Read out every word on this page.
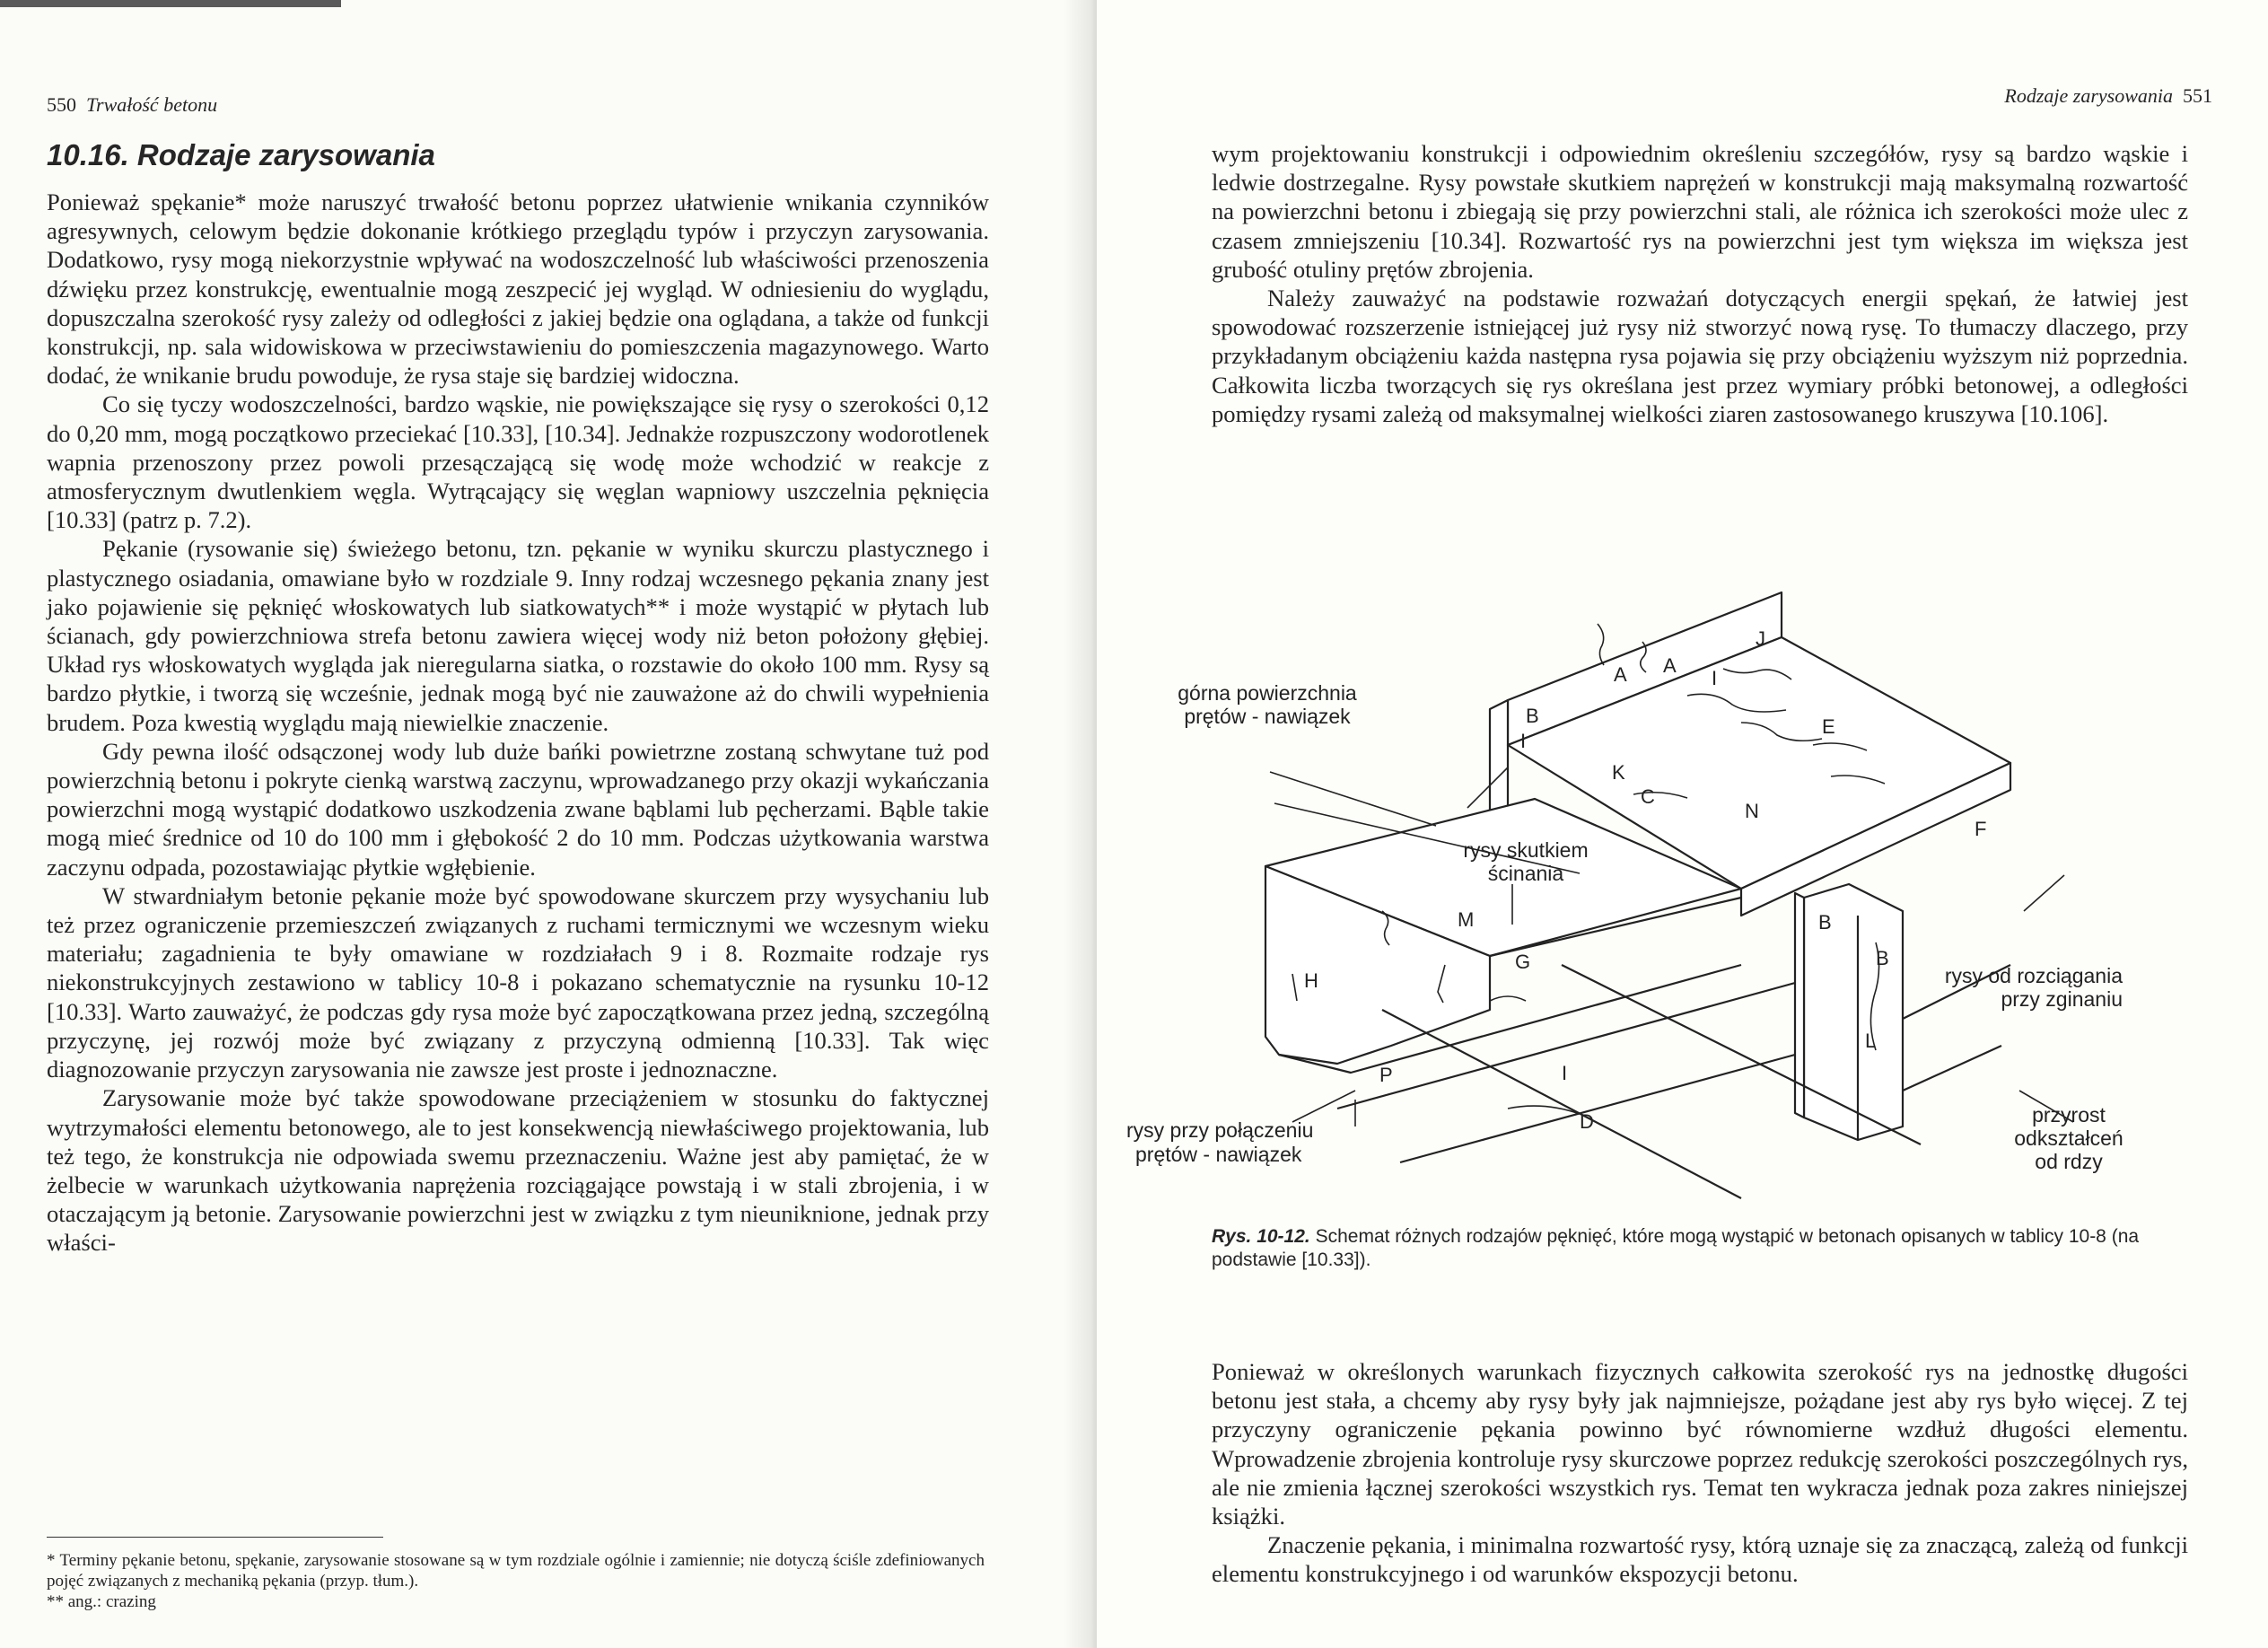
550 Trwałość betonu
10.16. Rodzaje zarysowania

Ponieważ spękanie* może naruszyć trwałość betonu poprzez ułatwienie wnikania czynników agresywnych, celowym będzie dokonanie krótkiego przeglądu typów i przyczyn zarysowania. Dodatkowo, rysy mogą niekorzystnie wpływać na wodoszczelność lub właściwości przenoszenia dźwięku przez konstrukcję, ewentualnie mogą zeszpecić jej wygląd. W odniesieniu do wyglądu, dopuszczalna szerokość rysy zależy od odległości z jakiej będzie ona oglądana, a także od funkcji konstrukcji, np. sala widowiskowa w przeciwstawieniu do pomieszczenia magazynowego. Warto dodać, że wnikanie brudu powoduje, że rysa staje się bardziej widoczna.

Co się tyczy wodoszczelności, bardzo wąskie, nie powiększające się rysy o szerokości 0,12 do 0,20 mm, mogą początkowo przeciekać [10.33], [10.34]. Jednakże rozpuszczony wodorotlenek wapnia przenoszony przez powoli przesączającą się wodę może wchodzić w reakcje z atmosferycznym dwutlenkiem węgla. Wytrącający się węglan wapniowy uszczelnia pęknięcia [10.33] (patrz p. 7.2).

Pękanie (rysowanie się) świeżego betonu, tzn. pękanie w wyniku skurczu plastycznego i plastycznego osiadania, omawiane było w rozdziale 9. Inny rodzaj wczesnego pękania znany jest jako pojawienie się pęknięć włoskowatych lub siatkowatych** i może wystąpić w płytach lub ścianach, gdy powierzchniowa strefa betonu zawiera więcej wody niż beton położony głębiej. Układ rys włoskowatych wygląda jak nieregularna siatka, o rozstawie do około 100 mm. Rysy są bardzo płytkie, i tworzą się wcześnie, jednak mogą być nie zauważone aż do chwili wypełnienia brudem. Poza kwestią wyglądu mają niewielkie znaczenie.

Gdy pewna ilość odsączonej wody lub duże bańki powietrzne zostaną schwytane tuż pod powierzchnią betonu i pokryte cienką warstwą zaczynu, wprowadzanego przy okazji wykańczania powierzchni mogą wystąpić dodatkowo uszkodzenia zwane bąblami lub pęcherzami. Bąble takie mogą mieć średnice od 10 do 100 mm i głębokość 2 do 10 mm. Podczas użytkowania warstwa zaczynu odpada, pozostawiając płytkie wgłębienie.

W stwardniałym betonie pękanie może być spowodowane skurczem przy wysychaniu lub też przez ograniczenie przemieszczeń związanych z ruchami termicznymi we wczesnym wieku materiału; zagadnienia te były omawiane w rozdziałach 9 i 8. Rozmaite rodzaje rys niekonstrukcyjnych zestawiono w tablicy 10-8 i pokazano schematycznie na rysunku 10-12 [10.33]. Warto zauważyć, że podczas gdy rysa może być zapoczątkowana przez jedną, szczególną przyczynę, jej rozwój może być związany z przyczyną odmienną [10.33]. Tak więc diagnozowanie przyczyn zarysowania nie zawsze jest proste i jednoznaczne.

Zarysowanie może być także spowodowane przeciążeniem w stosunku do faktycznej wytrzymałości elementu betonowego, ale to jest konsekwencją niewłaściwego projektowania, lub też tego, że konstrukcja nie odpowiada swemu przeznaczeniu. Ważne jest aby pamiętać, że w żelbecie w warunkach użytkowania naprężenia rozciągające powstają i w stali zbrojenia, i w otaczającym ją betonie. Zarysowanie powierzchni jest w związku z tym nieuniknione, jednak przy właści-

* Terminy pękanie betonu, spękanie, zarysowanie stosowane są w tym rozdziale ogólnie i zamiennie; nie dotyczą ściśle zdefiniowanych pojęć związanych z mechaniką pękania (przyp. tłum.).

** ang.: crazing

Rodzaje zarysowania 551

wym projektowaniu konstrukcji i odpowiednim określeniu szczegółów, rysy są bardzo wąskie i ledwie dostrzegalne. Rysy powstałe skutkiem naprężeń w konstrukcji mają maksymalną rozwartość na powierzchni betonu i zbiegają się przy powierzchni stali, ale różnica ich szerokości może ulec z czasem zmniejszeniu [10.34]. Rozwartość rys na powierzchni jest tym większa im większa jest grubość otuliny prętów zbrojenia.

Należy zauważyć na podstawie rozważań dotyczących energii spękań, że łatwiej jest spowodować rozszerzenie istniejącej już rysy niż stworzyć nową rysę. To tłumaczy dlaczego, przy przykładanym obciążeniu każda następna rysa pojawia się przy obciążeniu wyższym niż poprzednia. Całkowita liczba tworzących się rys określana jest przez wymiary próbki betonowej, a odległości pomiędzy rysami zależą od maksymalnej wielkości ziaren zastosowanego kruszywa [10.106].

Rys. 10-12. Schemat różnych rodzajów pęknięć, które mogą wystąpić w betonach opisanych w tablicy 10-8 (na podstawie [10.33]).

Ponieważ w określonych warunkach fizycznych całkowita szerokość rys na jednostkę długości betonu jest stała, a chcemy aby rysy były jak najmniejsze, pożądane jest aby rys było więcej. Z tej przyczyny ograniczenie pękania powinno być równomierne wzdłuż długości elementu. Wprowadzenie zbrojenia kontroluje rysy skurczowe poprzez redukcję szerokości poszczególnych rys, ale nie zmienia łącznej szerokości wszystkich rys. Temat ten wykracza jednak poza zakres niniejszej książki.

Znaczenie pękania, i minimalna rozwartość rysy, którą uznaje się za znaczącą, zależą od funkcji elementu konstrukcyjnego i od warunków ekspozycji betonu.

górna powierzchnia
prętów - nawiązek
rysy skutkiem
ścinania
rysy od rozciągania
przy zginaniu
rysy przy połączeniu
prętów - nawiązek
przyrost
odkształceń
od rdzy
A A
B
B
B
C
D
E
F
G
H
I
I
I
J
K
L
M
N
P
